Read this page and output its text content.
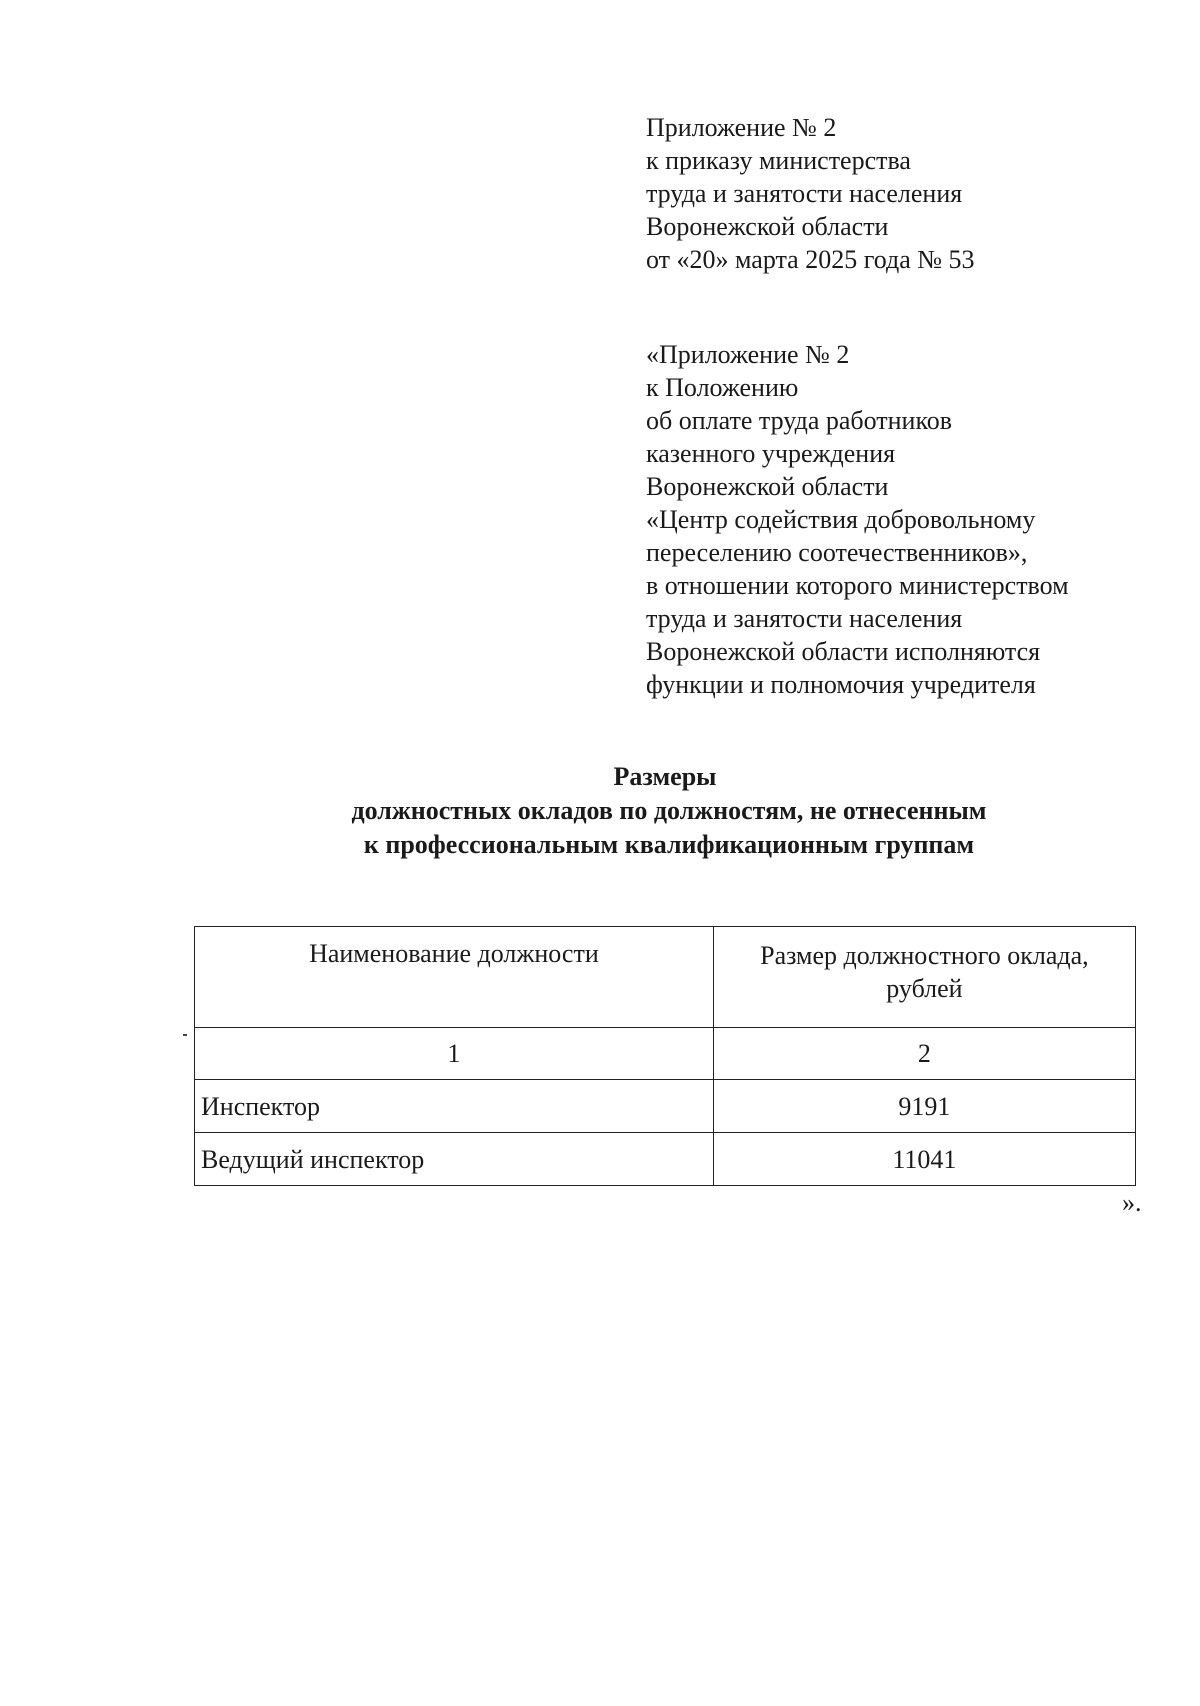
Приложение № 2
к приказу министерства
труда и занятости населения
Воронежской области
от «20» марта 2025 года № 53
«Приложение № 2
к Положению
об оплате труда работников
казенного учреждения
Воронежской области
«Центр содействия добровольному
переселению соотечественников»,
в отношении которого министерством
труда и занятости населения
Воронежской области исполняются
функции и полномочия учредителя
Размеры
должностных окладов по должностям, не отнесенным
к профессиональным квалификационным группам
Наименование должности	Размер должностного оклада,
рублей
1	2
Инспектор	9191
Ведущий инспектор	11041
».
